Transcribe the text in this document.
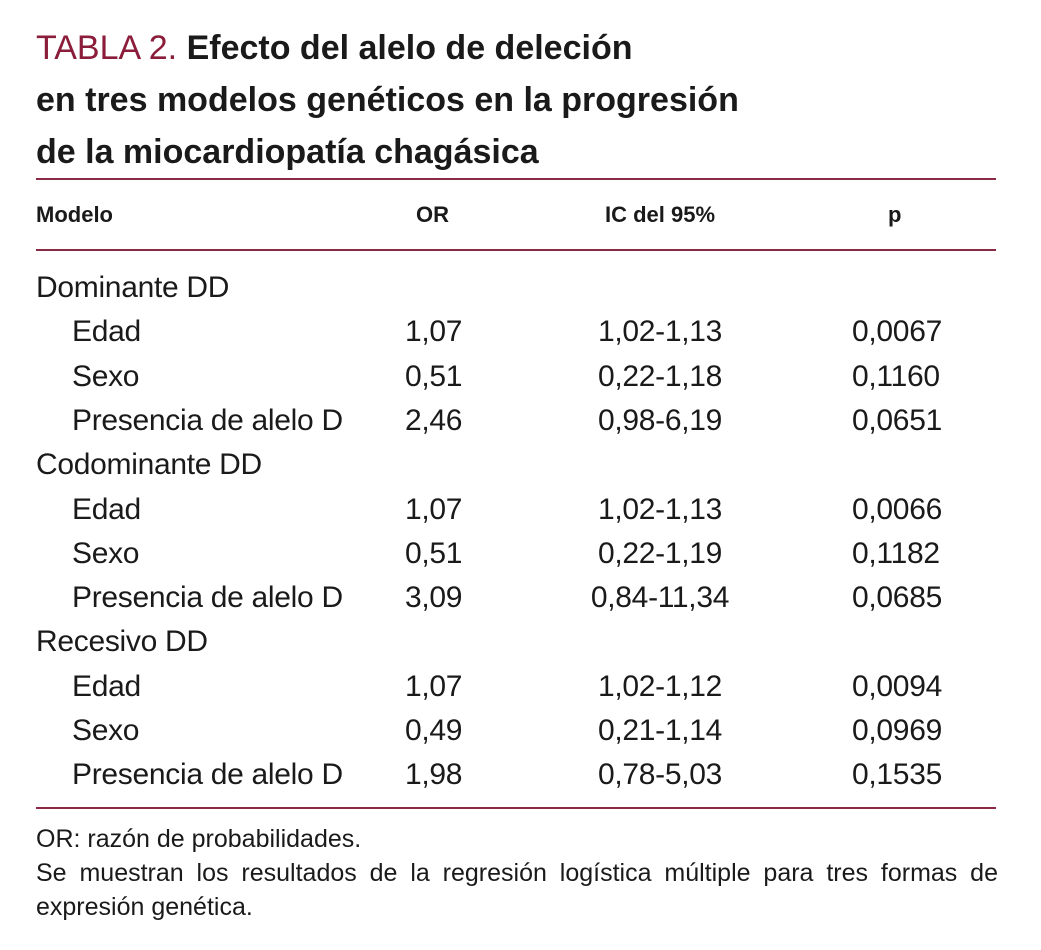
TABLA 2. Efecto del alelo de deleción
en tres modelos genéticos en la progresión
de la miocardiopatía chagásica
Modelo	OR	IC del 95%	p
Dominante DD
Edad	1,07	1,02-1,13	0,0067
Sexo	0,51	0,22-1,18	0,1160
Presencia de alelo D 2,46	0,98-6,19	0,0651
Codominante DD
Edad	1,07	1,02-1,13	0,0066
Sexo	0,51	0,22-1,19	0,1182
Presencia de alelo D 3,09	0,84-11,34	0,0685
Recesivo DD
Edad	1,07	1,02-1,12	0,0094
Sexo	0,49	0,21-1,14	0,0969
Presencia de alelo D 1,98	0,78-5,03	0,1535

OR: razón de probabilidades.

Se muestran los resultados de la regresión logística múltiple para tres formas de expresión genética.
